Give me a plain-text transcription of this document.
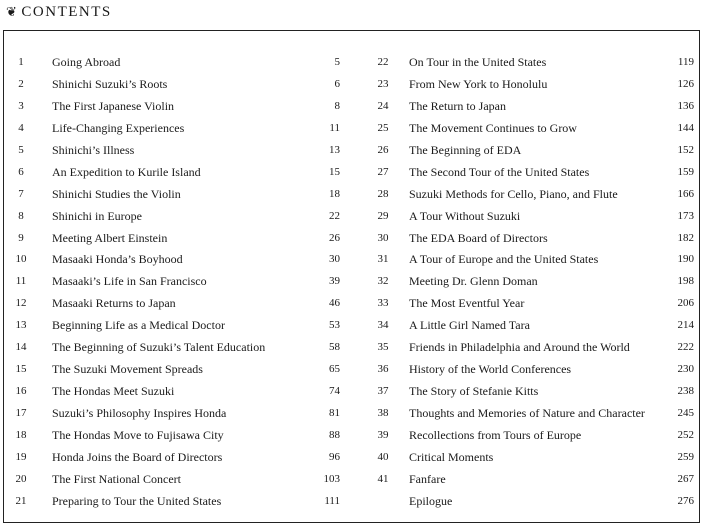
❦ CONTENTS
1	Going Abroad	5
2	Shinichi Suzuki’s Roots	6
3	The First Japanese Violin	8
4	Life-Changing Experiences	11
5	Shinichi’s Illness	13
6	An Expedition to Kurile Island	15
7	Shinichi Studies the Violin	18
8	Shinichi in Europe	22
9	Meeting Albert Einstein	26
10	Masaaki Honda’s Boyhood	30
11	Masaaki’s Life in San Francisco	39
12	Masaaki Returns to Japan	46
13	Beginning Life as a Medical Doctor	53
14	The Beginning of Suzuki’s Talent Education	58
15	The Suzuki Movement Spreads	65
16	The Hondas Meet Suzuki	74
17	Suzuki’s Philosophy Inspires Honda	81
18	The Hondas Move to Fujisawa City	88
19	Honda Joins the Board of Directors	96
20	The First National Concert	103
21	Preparing to Tour the United States	111
22	On Tour in the United States	119
23	From New York to Honolulu	126
24	The Return to Japan	136
25	The Movement Continues to Grow	144
26	The Beginning of EDA	152
27	The Second Tour of the United States	159
28	Suzuki Methods for Cello, Piano, and Flute	166
29	A Tour Without Suzuki	173
30	The EDA Board of Directors	182
31	A Tour of Europe and the United States	190
32	Meeting Dr. Glenn Doman	198
33	The Most Eventful Year	206
34	A Little Girl Named Tara	214
35	Friends in Philadelphia and Around the World	222
36	History of the World Conferences	230
37	The Story of Stefanie Kitts	238
38	Thoughts and Memories of Nature and Character	245
39	Recollections from Tours of Europe	252
40	Critical Moments	259
41	Fanfare	267
Epilogue	276
